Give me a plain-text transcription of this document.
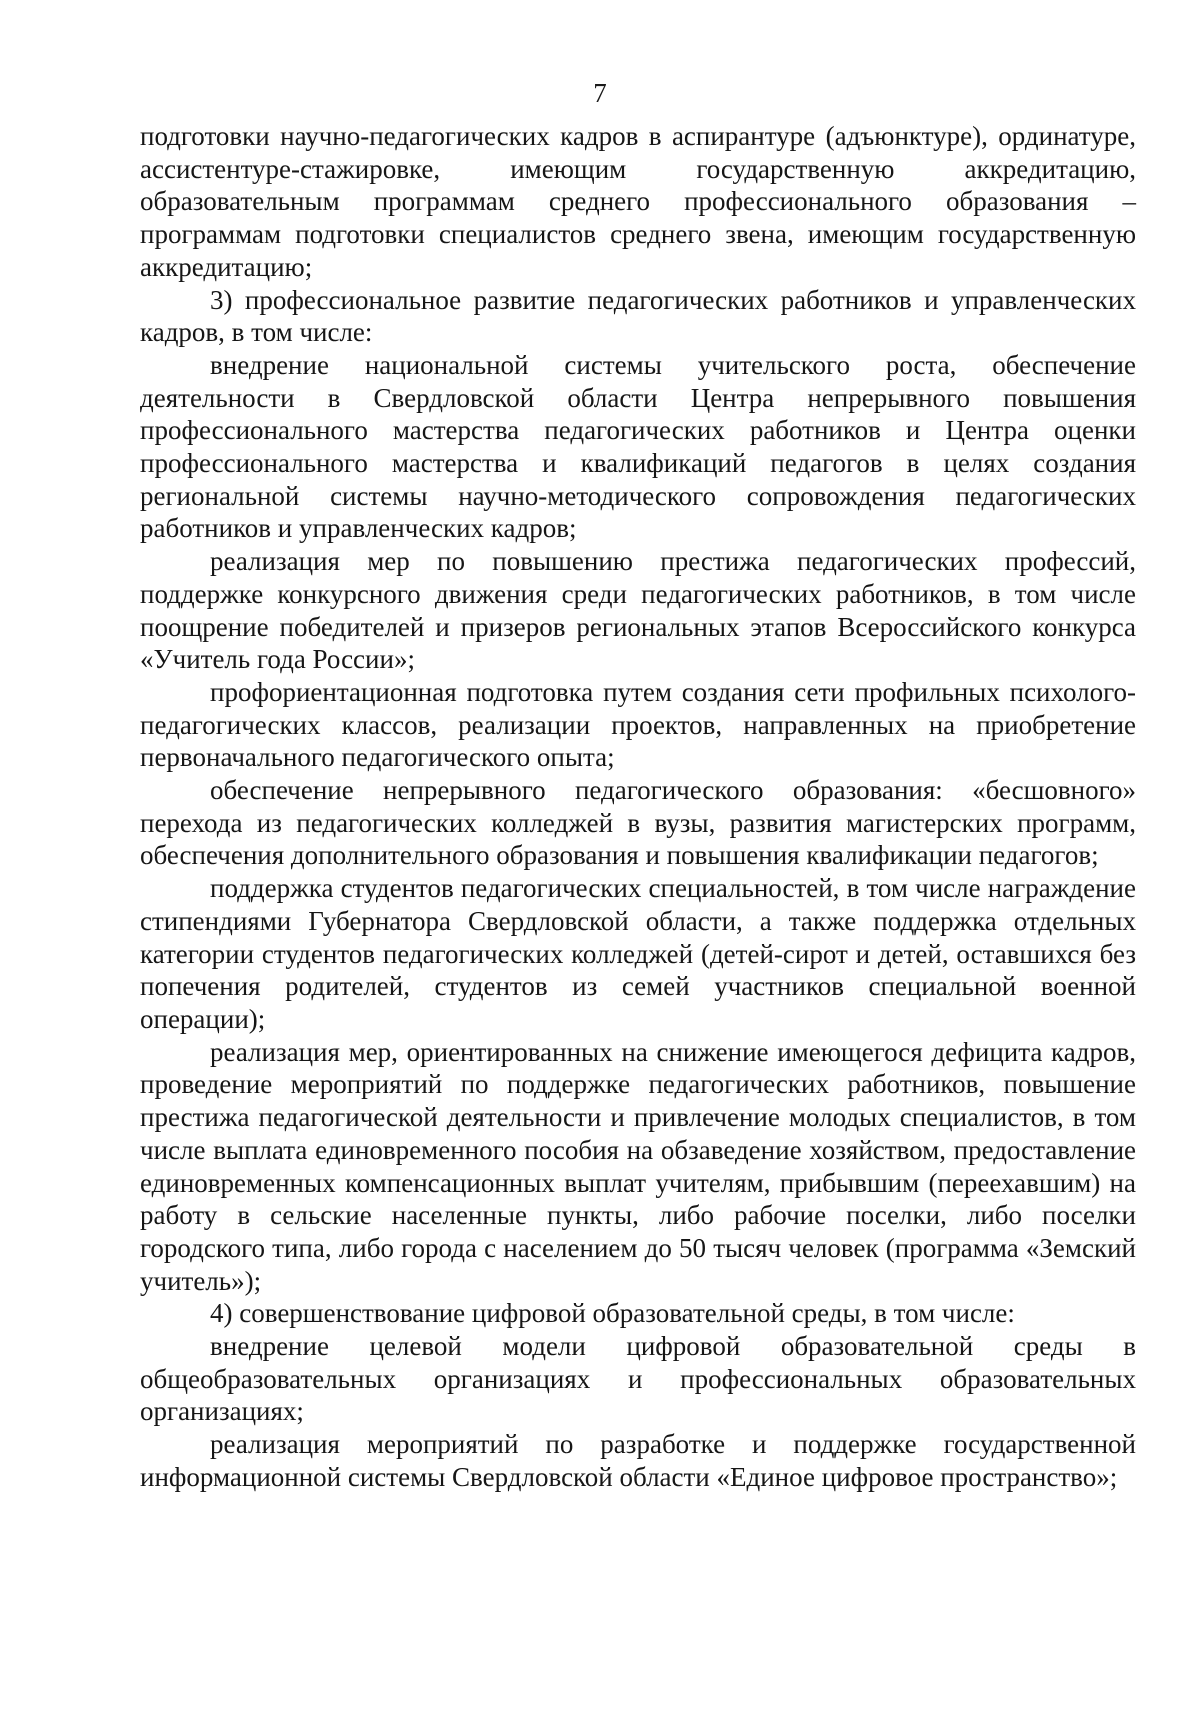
7

подготовки научно-педагогических кадров в аспирантуре (адъюнктуре), ординатуре, ассистентуре-стажировке, имеющим государственную аккредитацию, образовательным программам среднего профессионального образования – программам подготовки специалистов среднего звена, имеющим государственную аккредитацию;

3) профессиональное развитие педагогических работников и управленческих кадров, в том числе:

внедрение национальной системы учительского роста, обеспечение деятельности в Свердловской области Центра непрерывного повышения профессионального мастерства педагогических работников и Центра оценки профессионального мастерства и квалификаций педагогов в целях создания региональной системы научно-методического сопровождения педагогических работников и управленческих кадров;

реализация мер по повышению престижа педагогических профессий, поддержке конкурсного движения среди педагогических работников, в том числе поощрение победителей и призеров региональных этапов Всероссийского конкурса «Учитель года России»;

профориентационная подготовка путем создания сети профильных психолого-педагогических классов, реализации проектов, направленных на приобретение первоначального педагогического опыта;

обеспечение непрерывного педагогического образования: «бесшовного» перехода из педагогических колледжей в вузы, развития магистерских программ, обеспечения дополнительного образования и повышения квалификации педагогов;

поддержка студентов педагогических специальностей, в том числе награждение стипендиями Губернатора Свердловской области, а также поддержка отдельных категории студентов педагогических колледжей (детей-сирот и детей, оставшихся без попечения родителей, студентов из семей участников специальной военной операции);

реализация мер, ориентированных на снижение имеющегося дефицита кадров, проведение мероприятий по поддержке педагогических работников, повышение престижа педагогической деятельности и привлечение молодых специалистов, в том числе выплата единовременного пособия на обзаведение хозяйством, предоставление единовременных компенсационных выплат учителям, прибывшим (переехавшим) на работу в сельские населенные пункты, либо рабочие поселки, либо поселки городского типа, либо города с населением до 50 тысяч человек (программа «Земский учитель»);

4) совершенствование цифровой образовательной среды, в том числе:

внедрение целевой модели цифровой образовательной среды в общеобразовательных организациях и профессиональных образовательных организациях;

реализация мероприятий по разработке и поддержке государственной информационной системы Свердловской области «Единое цифровое пространство»;
